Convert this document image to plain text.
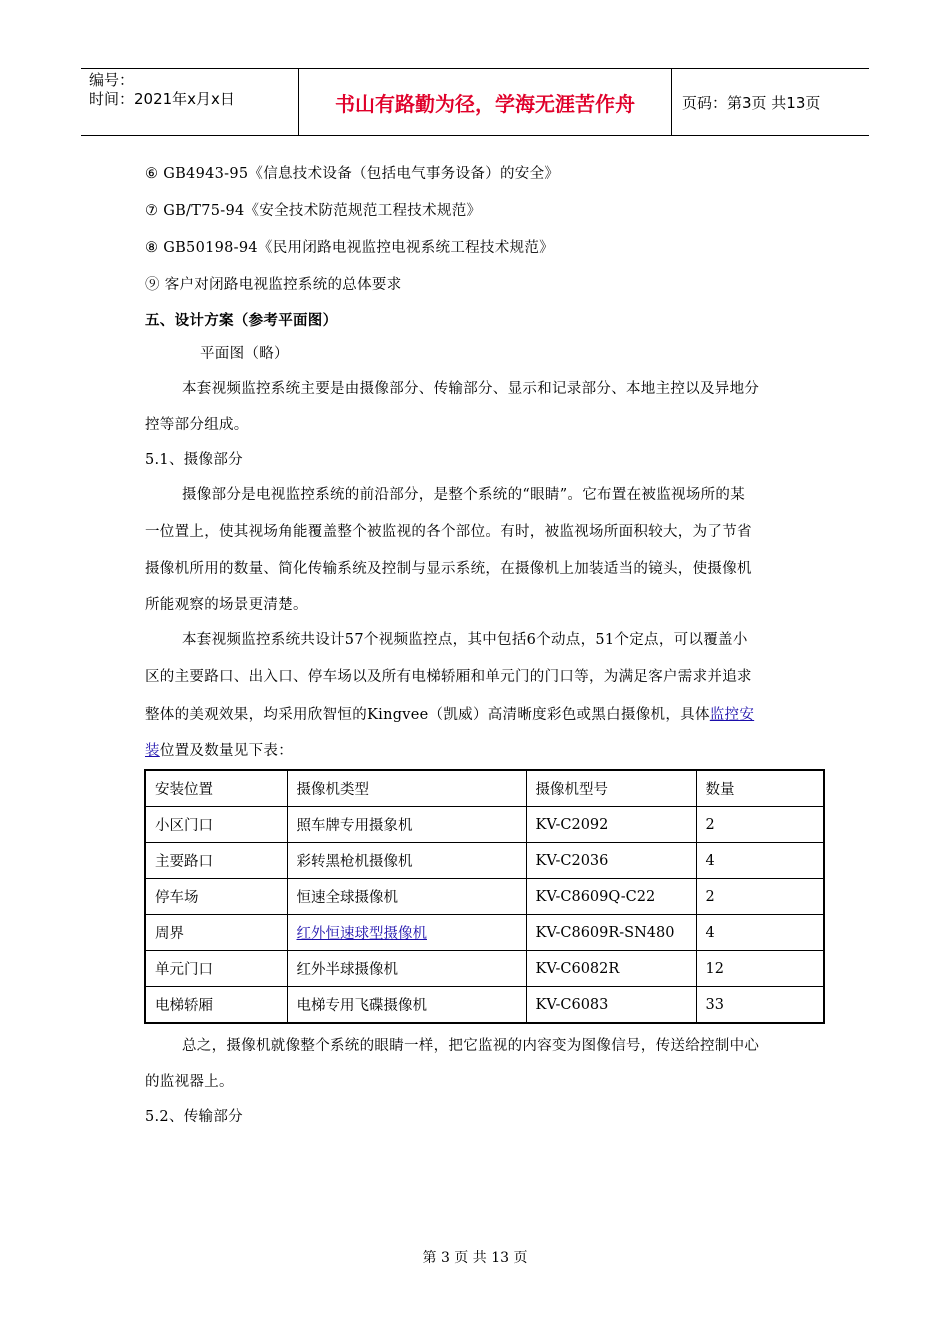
编号：
时间：2021年x月x日	书山有路勤为径，学海无涯苦作舟	页码：第3页 共13页
⑥ GB4943-95《信息技术设备（包括电气事务设备）的安全》
⑦ GB/T75-94《安全技术防范规范工程技术规范》
⑧ GB50198-94《民用闭路电视监控电视系统工程技术规范》
⑨ 客户对闭路电视监控系统的总体要求
五、设计方案（参考平面图）
平面图（略）
本套视频监控系统主要是由摄像部分、传输部分、显示和记录部分、本地主控以及异地分
控等部分组成。
5.1、摄像部分
摄像部分是电视监控系统的前沿部分，是整个系统的“眼睛”。它布置在被监视场所的某
一位置上，使其视场角能覆盖整个被监视的各个部位。有时，被监视场所面积较大，为了节省
摄像机所用的数量、简化传输系统及控制与显示系统，在摄像机上加装适当的镜头，使摄像机
所能观察的场景更清楚。
本套视频监控系统共设计57个视频监控点，其中包括6个动点，51个定点，可以覆盖小
区的主要路口、出入口、停车场以及所有电梯轿厢和单元门的门口等，为满足客户需求并追求
整体的美观效果，均采用欣智恒的Kingvee（凯威）高清晰度彩色或黑白摄像机，具体监控安
装位置及数量见下表：
安装位置	摄像机类型	摄像机型号	数量
小区门口	照车牌专用摄象机	KV-C2092	2
主要路口	彩转黑枪机摄像机	KV-C2036	4
停车场	恒速全球摄像机	KV-C8609Q-C22	2
周界	红外恒速球型摄像机	KV-C8609R-SN480	4
单元门口	红外半球摄像机	KV-C6082R	12
电梯轿厢	电梯专用飞碟摄像机	KV-C6083	33
总之，摄像机就像整个系统的眼睛一样，把它监视的内容变为图像信号，传送给控制中心
的监视器上。
5.2、传输部分
第 3 页 共 13 页
